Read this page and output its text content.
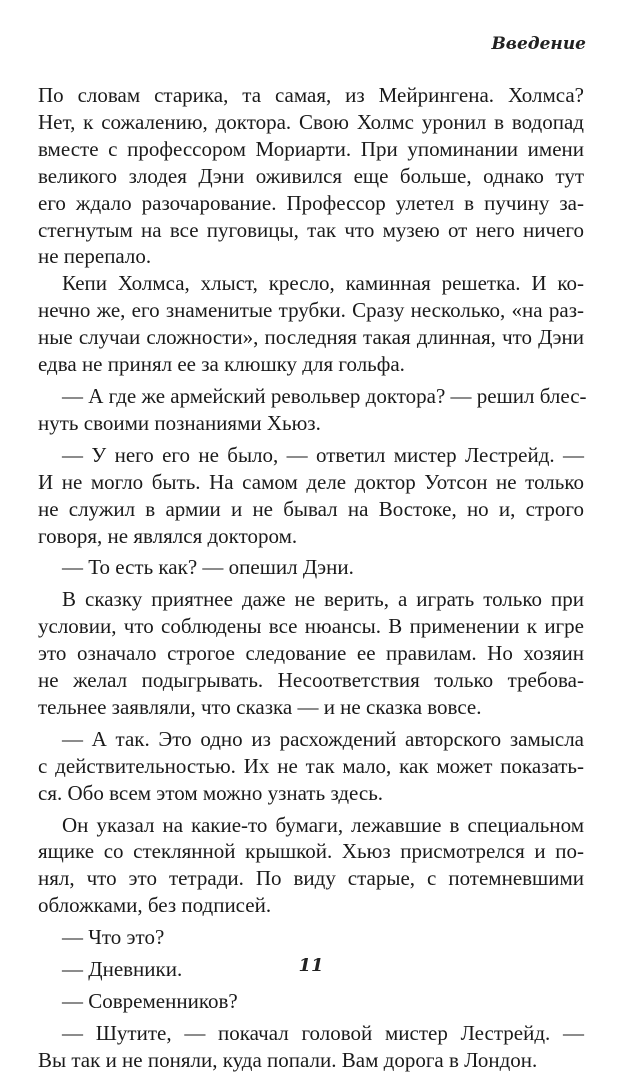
Введение
По словам старика, та самая, из Мейрингена. Холмса?
Нет, к сожалению, доктора. Свою Холмс уронил в водопад
вместе с профессором Мориарти. При упоминании имени
великого злодея Дэни оживился еще больше, однако тут
его ждало разочарование. Профессор улетел в пучину за-
стегнутым на все пуговицы, так что музею от него ничего
не перепало.
Кепи Холмса, хлыст, кресло, каминная решетка. И ко-
нечно же, его знаменитые трубки. Сразу несколько, «на раз-
ные случаи сложности», последняя такая длинная, что Дэни
едва не принял ее за клюшку для гольфа.
— А где же армейский револьвер доктора? — решил блес-
нуть своими познаниями Хьюз.
— У него его не было, — ответил мистер Лестрейд. —
И не могло быть. На самом деле доктор Уотсон не только
не служил в армии и не бывал на Востоке, но и, строго
говоря, не являлся доктором.
— То есть как? — опешил Дэни.
В сказку приятнее даже не верить, а играть только при
условии, что соблюдены все нюансы. В применении к игре
это означало строгое следование ее правилам. Но хозяин
не желал подыгрывать. Несоответствия только требова-
тельнее заявляли, что сказка — и не сказка вовсе.
— А так. Это одно из расхождений авторского замысла
с действительностью. Их не так мало, как может показать-
ся. Обо всем этом можно узнать здесь.
Он указал на какие-то бумаги, лежавшие в специальном
ящике со стеклянной крышкой. Хьюз присмотрелся и по-
нял, что это тетради. По виду старые, с потемневшими
обложками, без подписей.
— Что это?
— Дневники.
— Современников?
— Шутите, — покачал головой мистер Лестрейд. —
Вы так и не поняли, куда попали. Вам дорога в Лондон.
11
